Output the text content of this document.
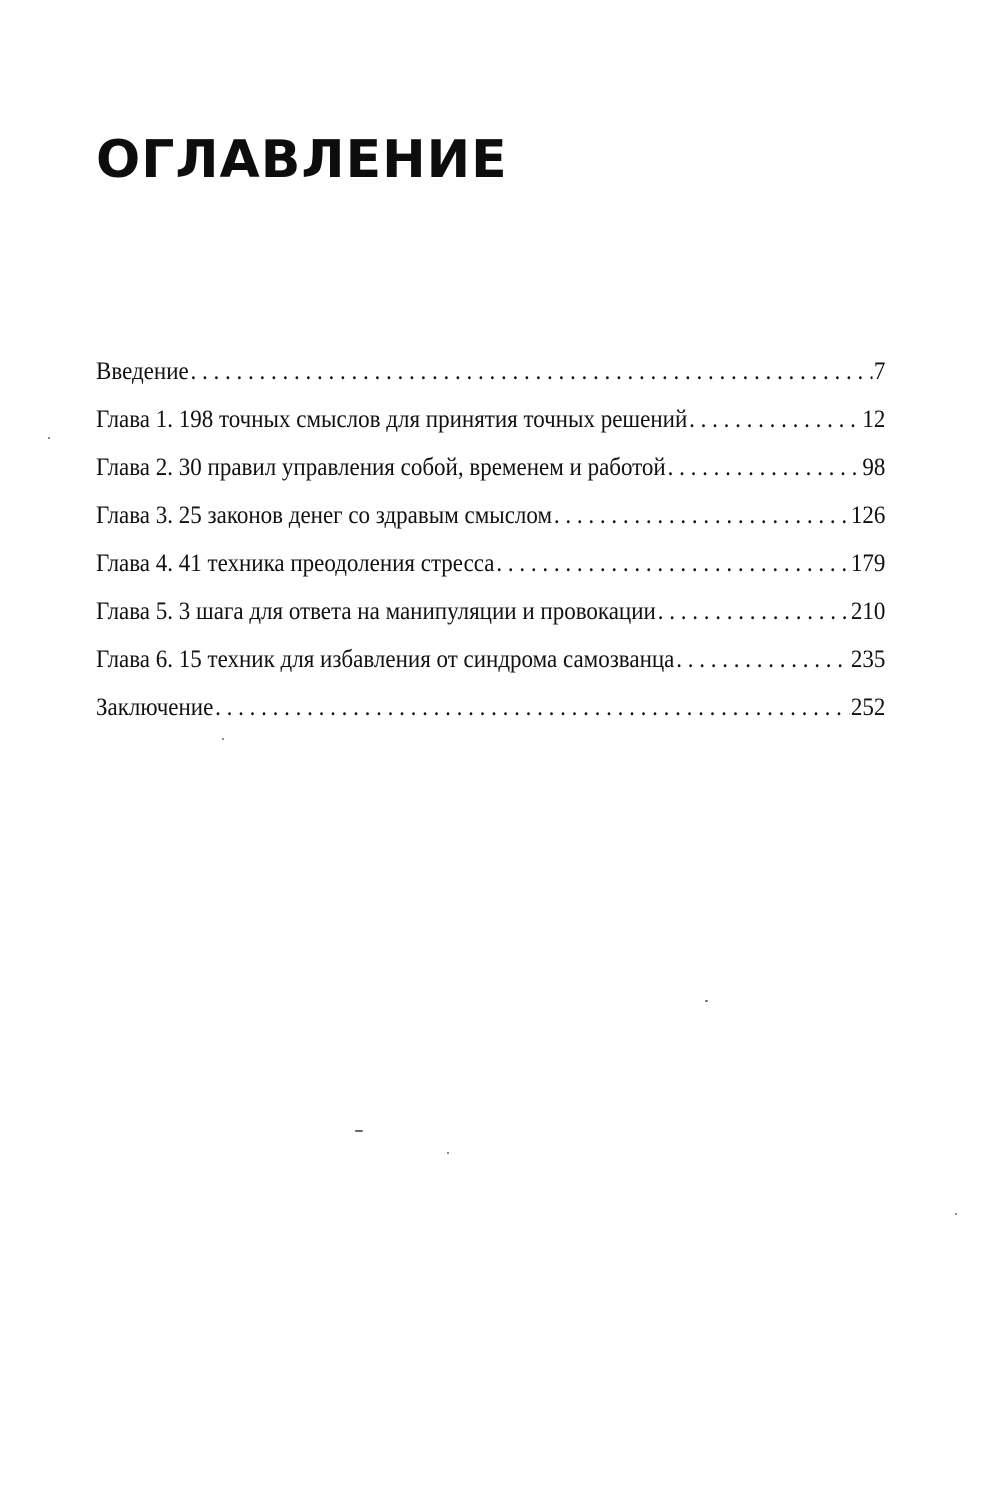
ОГЛАВЛЕНИЕ
Введение . . .	7
Глава 1. 198 точных смыслов для принятия точных решений . . .	12
Глава 2. 30 правил управления собой, временем и работой . . .	98
Глава 3. 25 законов денег со здравым смыслом . . .	126
Глава 4. 41 техника преодоления стресса . . .	179
Глава 5. 3 шага для ответа на манипуляции и провокации . . .	210
Глава 6. 15 техник для избавления от синдрома самозванца . . .	235
Заключение . . .	252
